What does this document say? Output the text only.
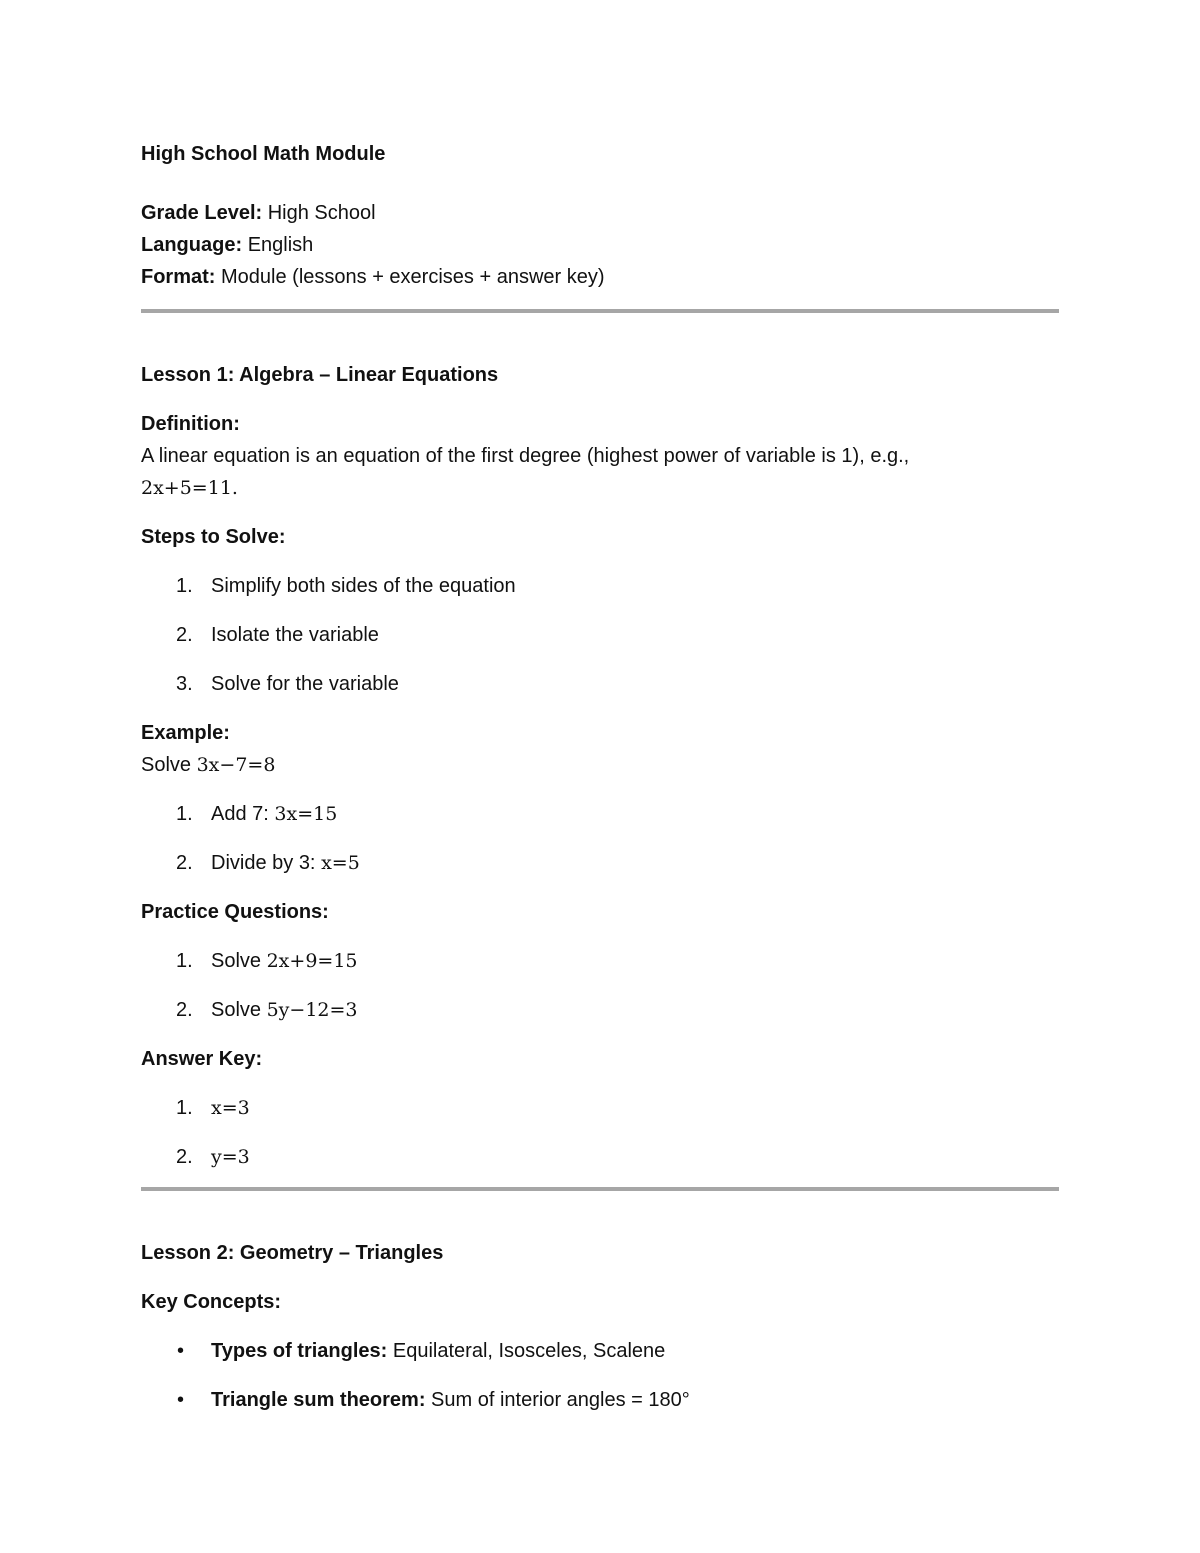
High School Math Module

Grade Level: High School

Language: English

Format: Module (lessons + exercises + answer key)

Lesson 1: Algebra – Linear Equations

Definition:

A linear equation is an equation of the first degree (highest power of variable is 1), e.g.,
2x+5=11.

Steps to Solve:

1. Simplify both sides of the equation
2. Isolate the variable
3. Solve for the variable

Example:

Solve 3x−7=8

1. Add 7: 3x=15
2. Divide by 3: x=5

Practice Questions:

1. Solve 2x+9=15
2. Solve 5y−12=3

Answer Key:

1. x=3
2. y=3

Lesson 2: Geometry – Triangles

Key Concepts:

•	Types of triangles: Equilateral, Isosceles, Scalene
•	Triangle sum theorem: Sum of interior angles = 180°
